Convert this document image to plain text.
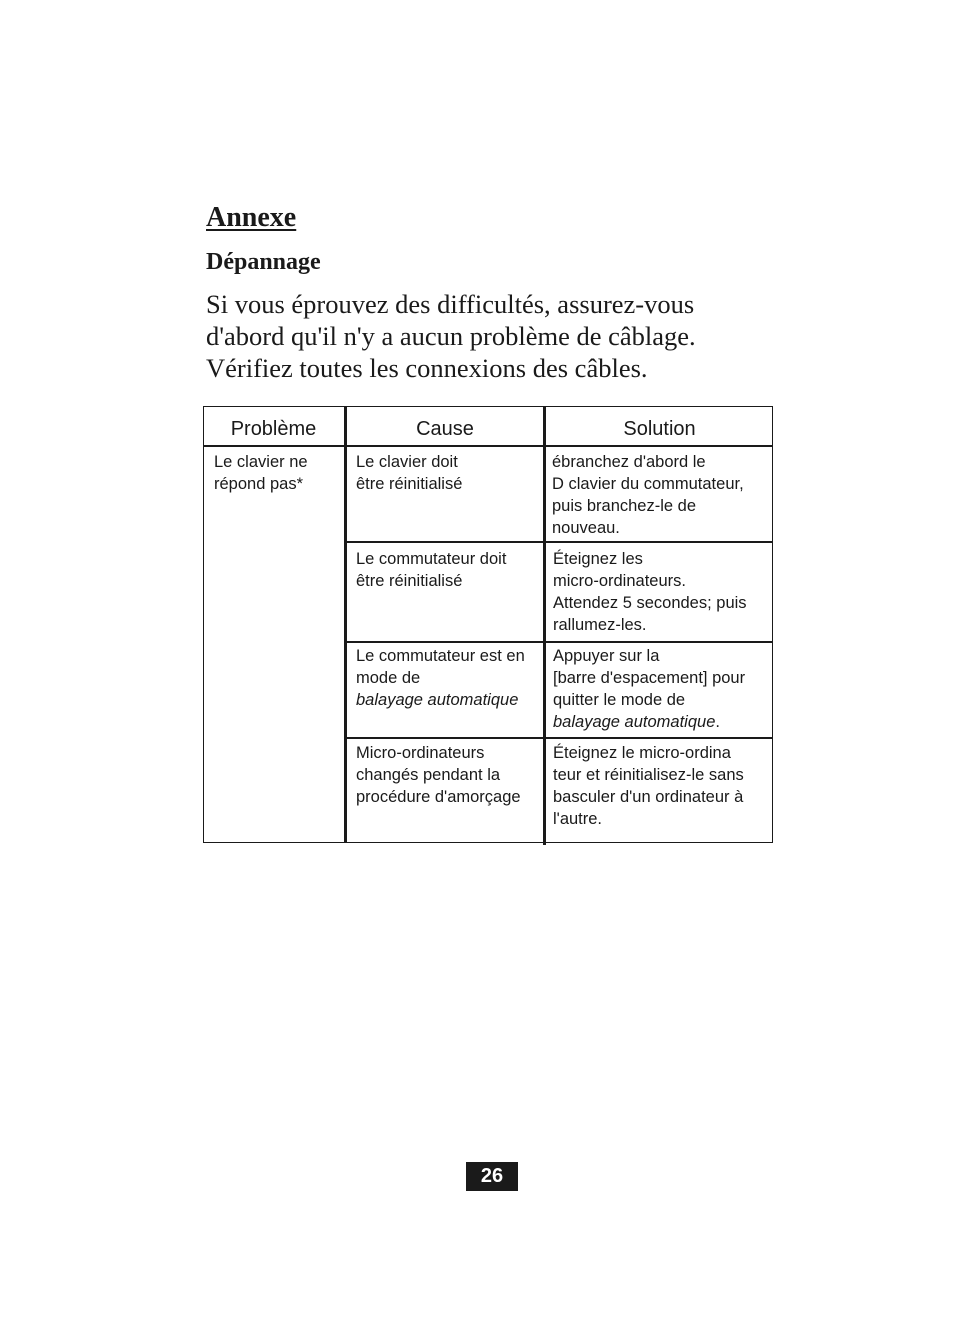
Annexe
Dépannage

Si vous éprouvez des difficultés, assurez-vous
d'abord qu'il n'y a aucun problème de câblage.
Vérifiez toutes les connexions des câbles.

Problème	Cause	Solution

Le clavier ne
répond pas*
Le clavier doit
être réinitialisé
ébranchez d'abord le
D clavier du commutateur,
puis branchez-le de
nouveau.
Le commutateur doit
être réinitialisé
Éteignez les
micro-ordinateurs.
Attendez 5 secondes; puis
rallumez-les.
Le commutateur est en
mode de
balayage automatique
Appuyer sur la
[barre d'espacement] pour
quitter le mode de
balayage automatique.
Micro-ordinateurs
changés pendant la
procédure d'amorçage
Éteignez le micro-ordina
teur et réinitialisez-le sans
basculer d'un ordinateur à
l'autre.
26
